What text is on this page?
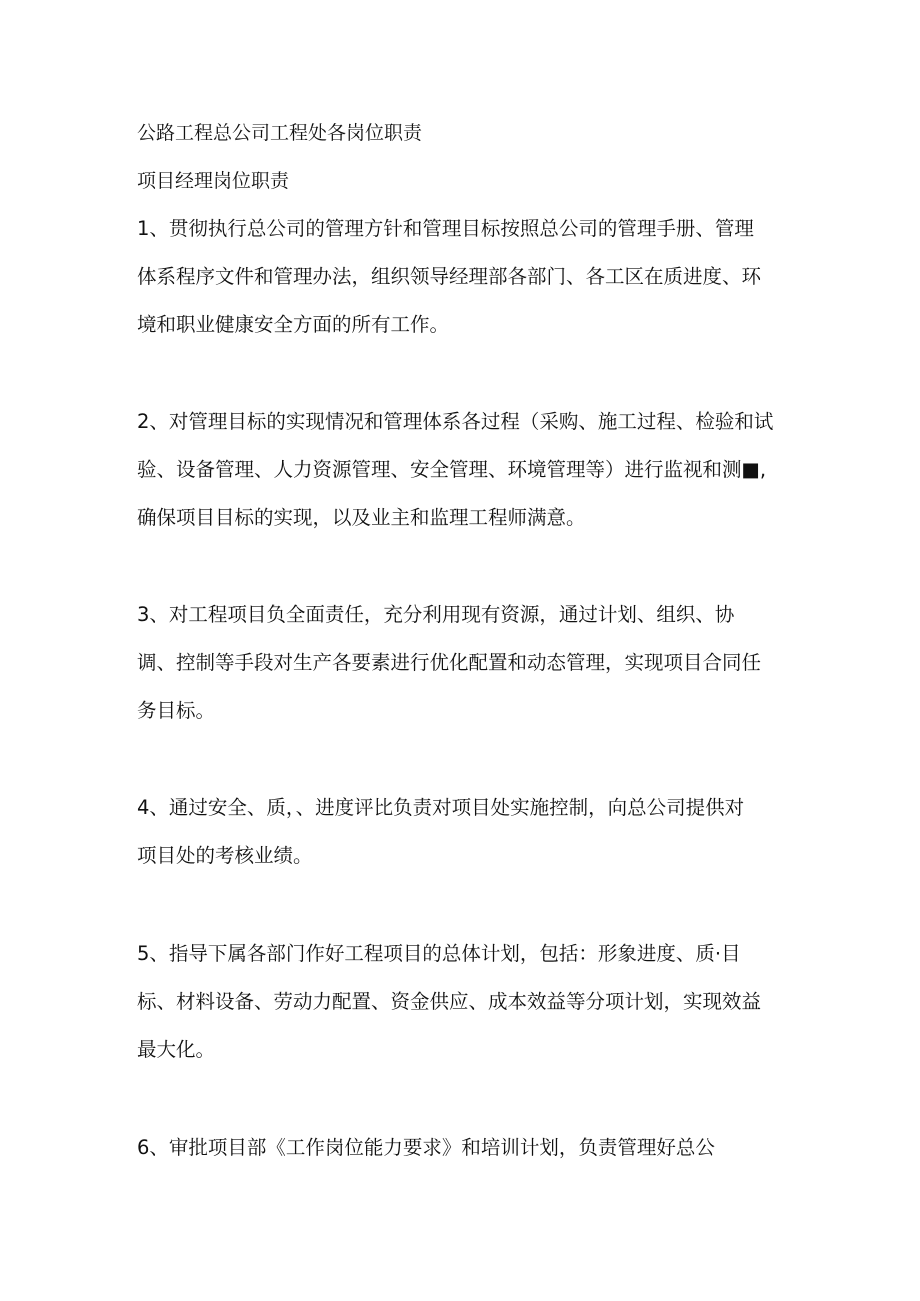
公路工程总公司工程处各岗位职责
项目经理岗位职责
1、贯彻执行总公司的管理方针和管理目标按照总公司的管理手册、管理
体系程序文件和管理办法，组织领导经理部各部门、各工区在质进度、环
境和职业健康安全方面的所有工作。
2、对管理目标的实现情况和管理体系各过程（采购、施工过程、检验和试
验、设备管理、人力资源管理、安全管理、环境管理等）进行监视和测■,
确保项目目标的实现，以及业主和监理工程师满意。
3、对工程项目负全面责任，充分利用现有资源，通过计划、组织、协
调、控制等手段对生产各要素进行优化配置和动态管理，实现项目合同任
务目标。
4、通过安全、质，、进度评比负责对项目处实施控制，向总公司提供对
项目处的考核业绩。
5、指导下属各部门作好工程项目的总体计划，包括：形象进度、质·目
标、材料设备、劳动力配置、资金供应、成本效益等分项计划，实现效益
最大化。
6、审批项目部《工作岗位能力要求》和培训计划，负责管理好总公
